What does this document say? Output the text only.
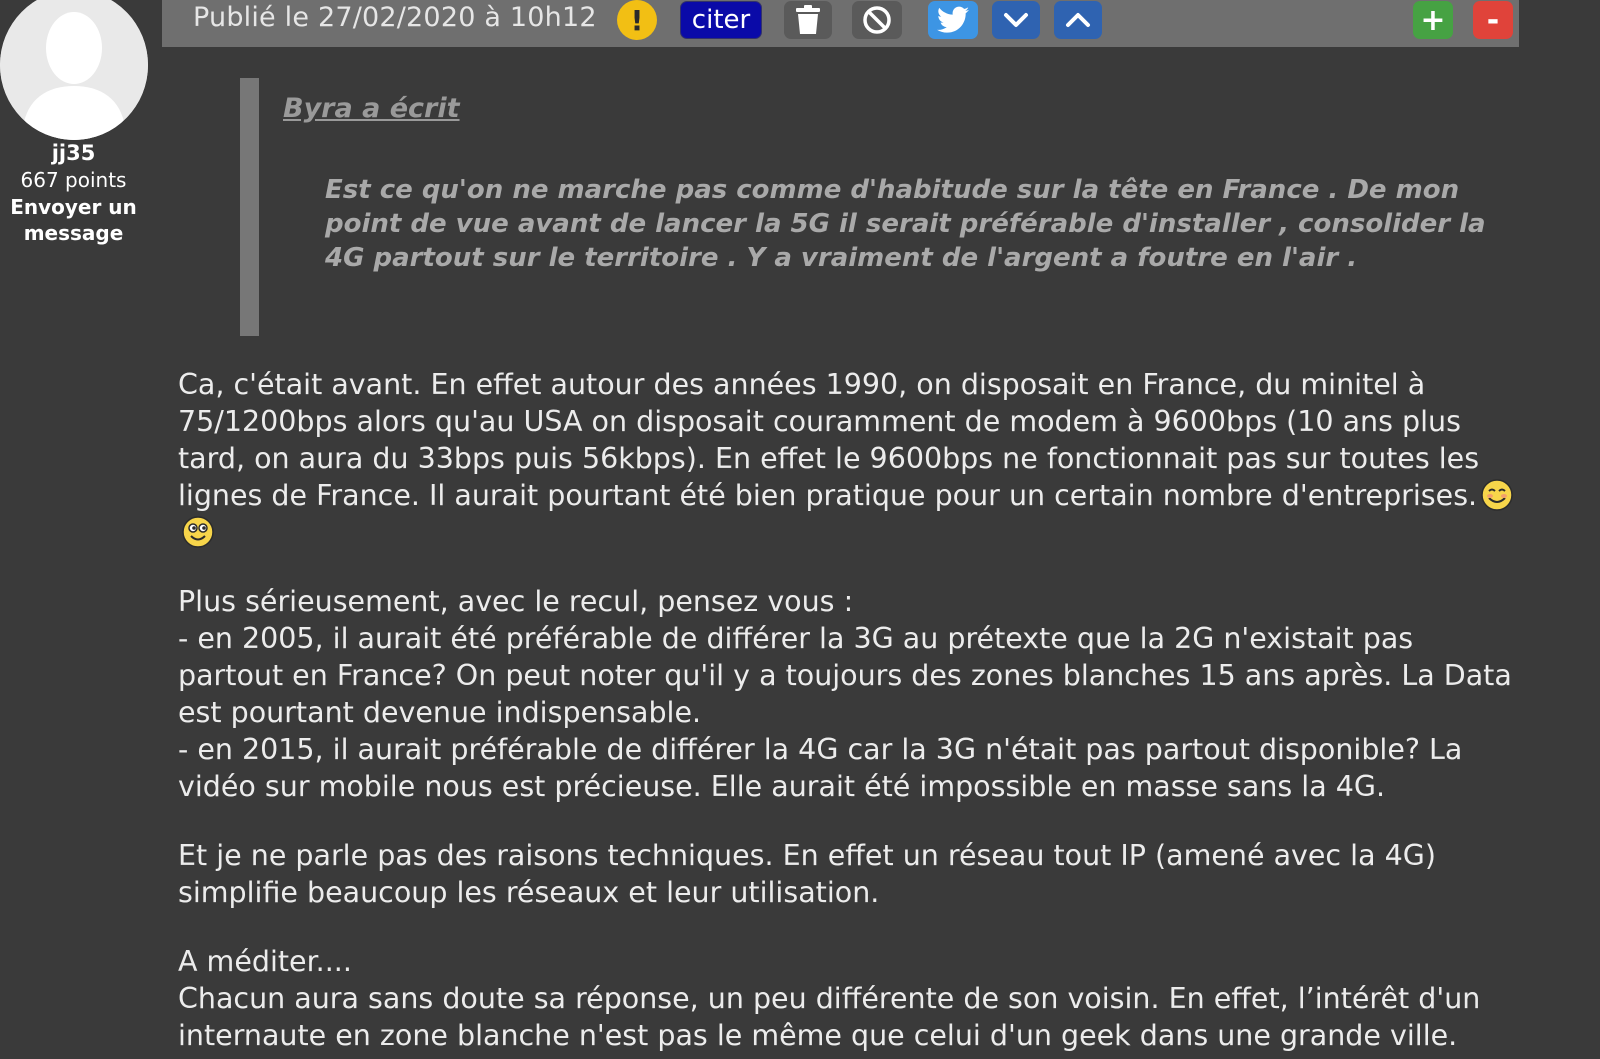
jj35
667 points
Envoyer un message
Publié le 27/02/2020 à 10h12 !	citer	+	-
Byra a écrit
Est ce qu'on ne marche pas comme d'habitude sur la tête en France . De mon point de vue avant de lancer la 5G il serait préférable d'installer , consolider la 4G partout sur le territoire . Y a vraiment de l'argent a foutre en l'air .

Ca, c'était avant. En effet autour des années 1990, on disposait en France, du minitel à 75/1200bps alors qu'au USA on disposait couramment de modem à 9600bps (10 ans plus tard, on aura du 33bps puis 56kbps). En effet le 9600bps ne fonctionnait pas sur toutes les lignes de France. Il aurait pourtant été bien pratique pour un certain nombre d'entreprises.

Plus sérieusement, avec le recul, pensez vous :
- en 2005, il aurait été préférable de différer la 3G au prétexte que la 2G n'existait pas partout en France? On peut noter qu'il y a toujours des zones blanches 15 ans après. La Data est pourtant devenue indispensable.
- en 2015, il aurait préférable de différer la 4G car la 3G n'était pas partout disponible? La vidéo sur mobile nous est précieuse. Elle aurait été impossible en masse sans la 4G.

Et je ne parle pas des raisons techniques. En effet un réseau tout IP (amené avec la 4G) simplifie beaucoup les réseaux et leur utilisation.

A méditer....
Chacun aura sans doute sa réponse, un peu différente de son voisin. En effet, l’intérêt d'un internaute en zone blanche n'est pas le même que celui d'un geek dans une grande ville.
